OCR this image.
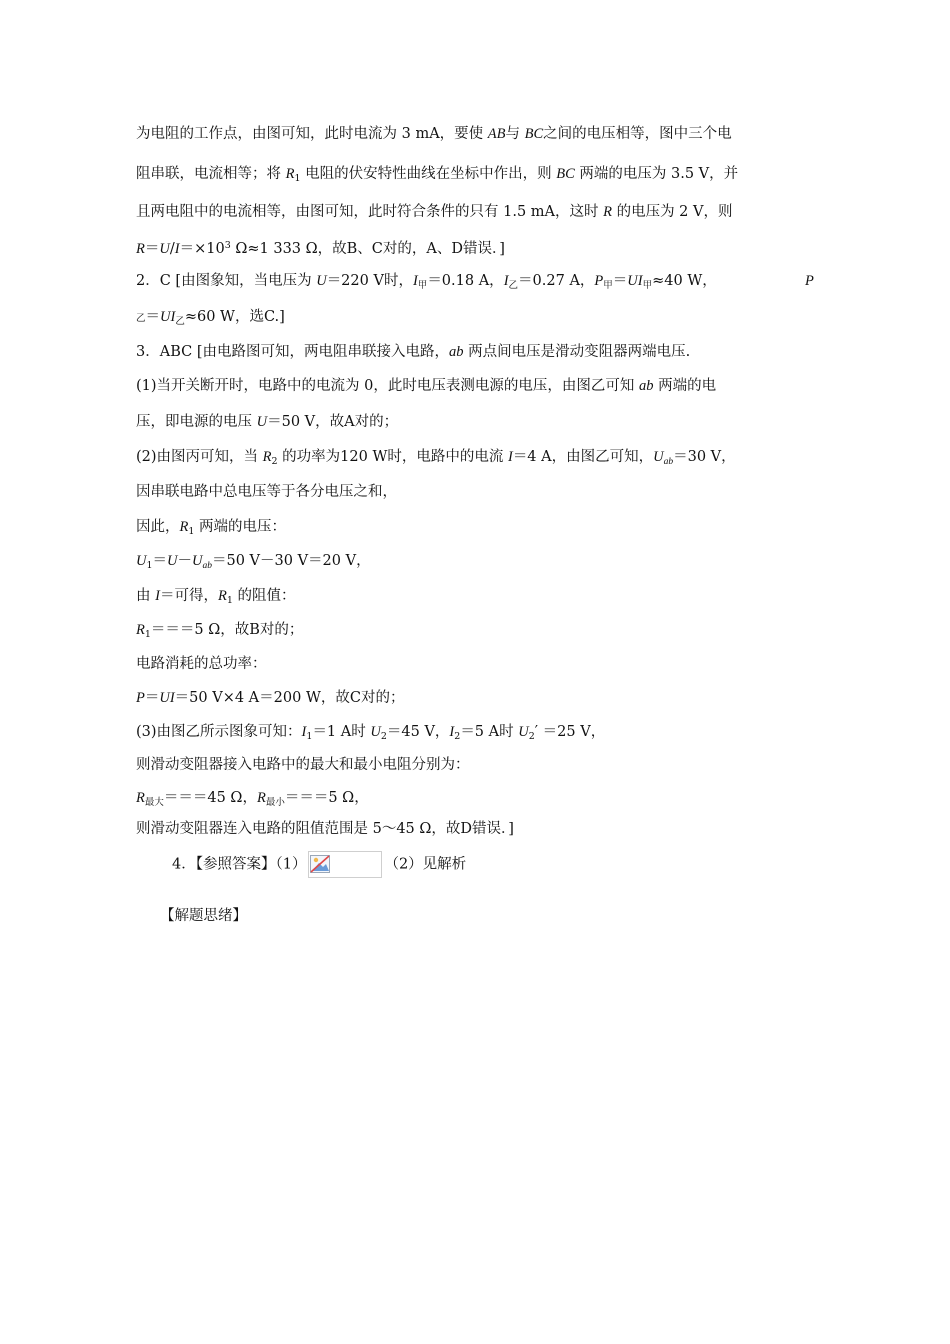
为电阻的工作点，由图可知，此时电流为 3 mA，要使 AB与 BC之间的电压相等，图中三个电
阻串联，电流相等；将 $R_1$ 电阻的伏安特性曲线在坐标中作出，则 BC 两端的电压为 3.5 V，并
且两电阻中的电流相等，由图可知，此时符合条件的只有 1.5 mA，这时 R 的电压为 2 V，则
$R=U/I=\times 10^3$ Ω≈1 333 Ω，故B、C对的，A、D错误．]
2．C [由图象知，当电压为 U＝220 V时，$I_甲=0.18$ A，$I_乙=0.27$ A，$P_甲=UI_甲\approx 40$ W，	P
乙$=UI_乙\approx 60$ W，选C.]
3．ABC [由电路图可知，两电阻串联接入电路，ab 两点间电压是滑动变阻器两端电压.
(1)当开关断开时，电路中的电流为 0，此时电压表测电源的电压，由图乙可知 ab 两端的电
压，即电源的电压 U＝50 V，故A对的；
(2)由图丙可知，当 $R_2$ 的功率为120 W时，电路中的电流 I＝4 A，由图乙可知，$U_{ab}=30$ V，
因串联电路中总电压等于各分电压之和，
因此，$R_1$ 两端的电压：
$U_1=U-U_{ab}=50$ V－30 V＝20 V，
由 I＝可得，$R_1$ 的阻值：
$R_1===5$ Ω，故B对的；
电路消耗的总功率：
P＝UI＝50 V×4 A＝200 W，故C对的；
(3)由图乙所示图象可知：$I_1=1$ A时 $U_2=45$ V，$I_2=5$ A时 $U_2' =25$ V，
则滑动变阻器接入电路中的最大和最小电阻分别为：
$R_{最大}===45$ Ω，$R_{最小}===5$ Ω，
则滑动变阻器连入电路的阻值范围是 5～45 Ω，故D错误．]
4．【参照答案】（1）	（2）见解析
【解题思绪】
